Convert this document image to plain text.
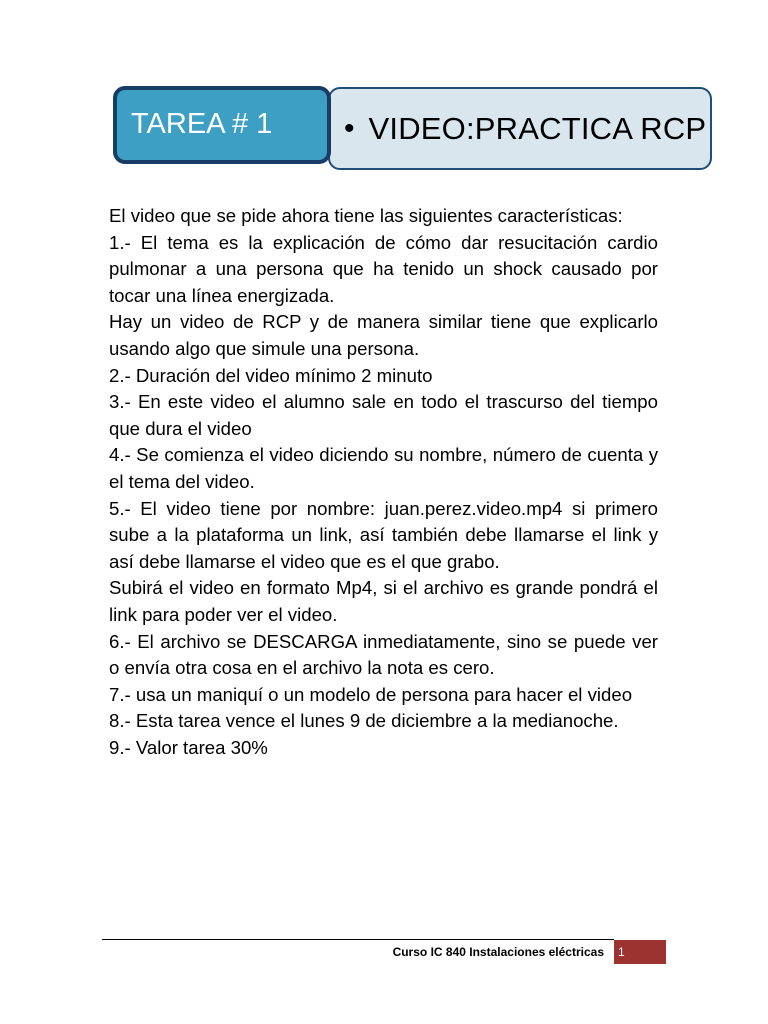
• VIDEO:PRACTICA RCP
TAREA # 1

El video que se pide ahora tiene las siguientes características:

1.- El tema es la explicación de cómo dar resucitación cardio pulmonar a una persona que ha tenido un shock causado por tocar una línea energizada.

Hay un video de RCP y de manera similar tiene que explicarlo usando algo que simule una persona.

2.- Duración del video mínimo 2 minuto

3.- En este video el alumno sale en todo el trascurso del tiempo que dura el video

4.- Se comienza el video diciendo su nombre, número de cuenta y el tema del video.

5.- El video tiene por nombre: juan.perez.video.mp4 si primero sube a la plataforma un link, así también debe llamarse el link y así debe llamarse el video que es el que grabo.

Subirá el video en formato Mp4, si el archivo es grande pondrá el link para poder ver el video.

6.- El archivo se DESCARGA inmediatamente, sino se puede ver o envía otra cosa en el archivo la nota es cero.

7.- usa un maniquí o un modelo de persona para hacer el video

8.- Esta tarea vence el lunes 9 de diciembre a la medianoche.

9.- Valor tarea 30%

Curso IC 840 Instalaciones eléctricas	1
